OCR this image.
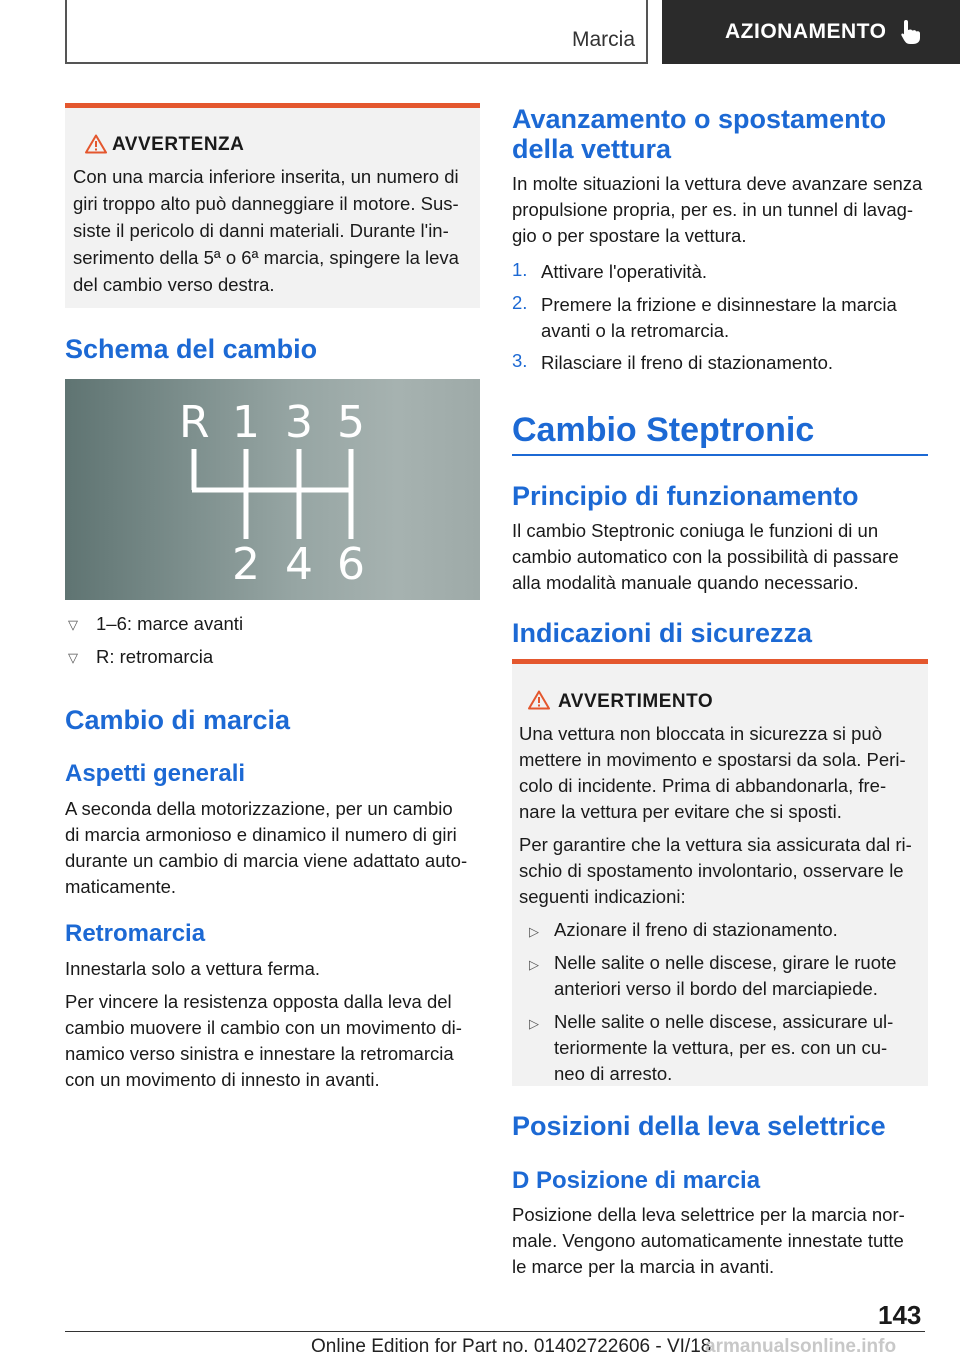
Marcia	AZIONAMENTO
AVVERTENZA

Con una marcia inferiore inserita, un numero di

giri troppo alto può danneggiare il motore. Sus-

siste il pericolo di danni materiali. Durante l'in-

serimento della 5ª o 6ª marcia, spingere la leva

del cambio verso destra.

Schema del cambio
R 1 3 5
2 4 6
▽ 1–6: marce avanti

▽ R: retromarcia

Cambio di marcia
Aspetti generali

A seconda della motorizzazione, per un cambio

di marcia armonioso e dinamico il numero di giri

durante un cambio di marcia viene adattato auto-

maticamente.

Retromarcia

Innestarla solo a vettura ferma.

Per vincere la resistenza opposta dalla leva del

cambio muovere il cambio con un movimento di-

namico verso sinistra e innestare la retromarcia

con un movimento di innesto in avanti.

Avanzamento o spostamento
della vettura

In molte situazioni la vettura deve avanzare senza

propulsione propria, per es. in un tunnel di lavag-

gio o per spostare la vettura.

1. Attivare l'operatività.

2. Premere la frizione e disinnestare la marcia

avanti o la retromarcia.

3. Rilasciare il freno di stazionamento.

Cambio Steptronic
Principio di funzionamento

Il cambio Steptronic coniuga le funzioni di un

cambio automatico con la possibilità di passare

alla modalità manuale quando necessario.

Indicazioni di sicurezza
AVVERTIMENTO

Una vettura non bloccata in sicurezza si può

mettere in movimento e spostarsi da sola. Peri-

colo di incidente. Prima di abbandonarla, fre-

nare la vettura per evitare che si sposti.

Per garantire che la vettura sia assicurata dal ri-

schio di spostamento involontario, osservare le

seguenti indicazioni:

▷ Azionare il freno di stazionamento.

▷ Nelle salite o nelle discese, girare le ruote

anteriori verso il bordo del marciapiede.

▷ Nelle salite o nelle discese, assicurare ul-

teriormente la vettura, per es. con un cu-

neo di arresto.

Posizioni della leva selettrice
D Posizione di marcia

Posizione della leva selettrice per la marcia nor-

male. Vengono automaticamente innestate tutte

le marce per la marcia in avanti.

143
Online Edition for Part no. 01402722606 - VI/18
armanualsonline.info
